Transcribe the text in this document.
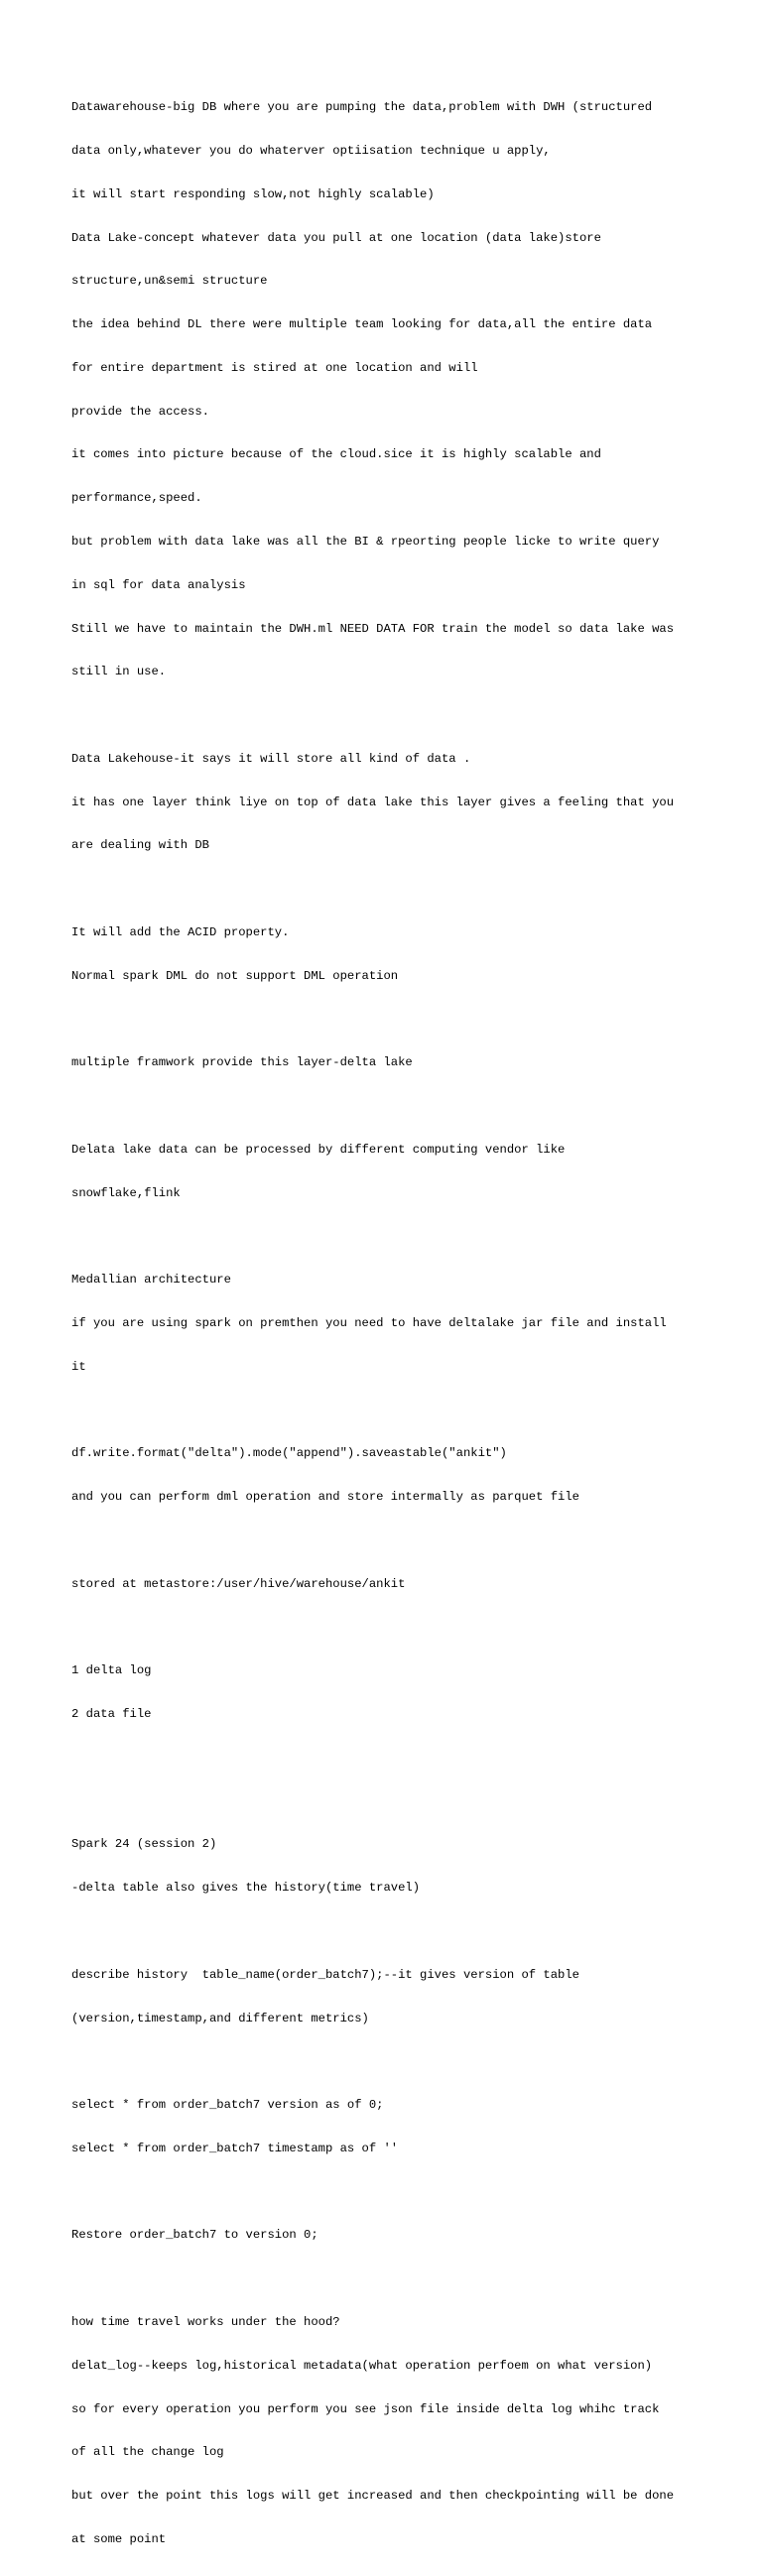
Datawarehouse-big DB where you are pumping the data,problem with DWH (structured

data only,whatever you do whaterver optiisation technique u apply,

it will start responding slow,not highly scalable)

Data Lake-concept whatever data you pull at one location (data lake)store

structure,un&semi structure

the idea behind DL there were multiple team looking for data,all the entire data

for entire department is stired at one location and will

provide the access.

it comes into picture because of the cloud.sice it is highly scalable and

performance,speed.

but problem with data lake was all the BI & rpeorting people licke to write query

in sql for data analysis

Still we have to maintain the DWH.ml NEED DATA FOR train the model so data lake was

still in use.

Data Lakehouse-it says it will store all kind of data .

it has one layer think liye on top of data lake this layer gives a feeling that you

are dealing with DB

It will add the ACID property.

Normal spark DML do not support DML operation

multiple framwork provide this layer-delta lake

Delata lake data can be processed by different computing vendor like

snowflake,flink

Medallian architecture

if you are using spark on premthen you need to have deltalake jar file and install

it

df.write.format("delta").mode("append").saveastable("ankit")

and you can perform dml operation and store intermally as parquet file

stored at metastore:/user/hive/warehouse/ankit

1 delta log

2 data file

Spark 24 (session 2)

-delta table also gives the history(time travel)

describe history  table_name(order_batch7);--it gives version of table

(version,timestamp,and different metrics)

select * from order_batch7 version as of 0;

select * from order_batch7 timestamp as of ''

Restore order_batch7 to version 0;

how time travel works under the hood?

delat_log--keeps log,historical metadata(what operation perfoem on what version)

so for every operation you perform you see json file inside delta log whihc track

of all the change log

but over the point this logs will get increased and then checkpointing will be done

at some point
